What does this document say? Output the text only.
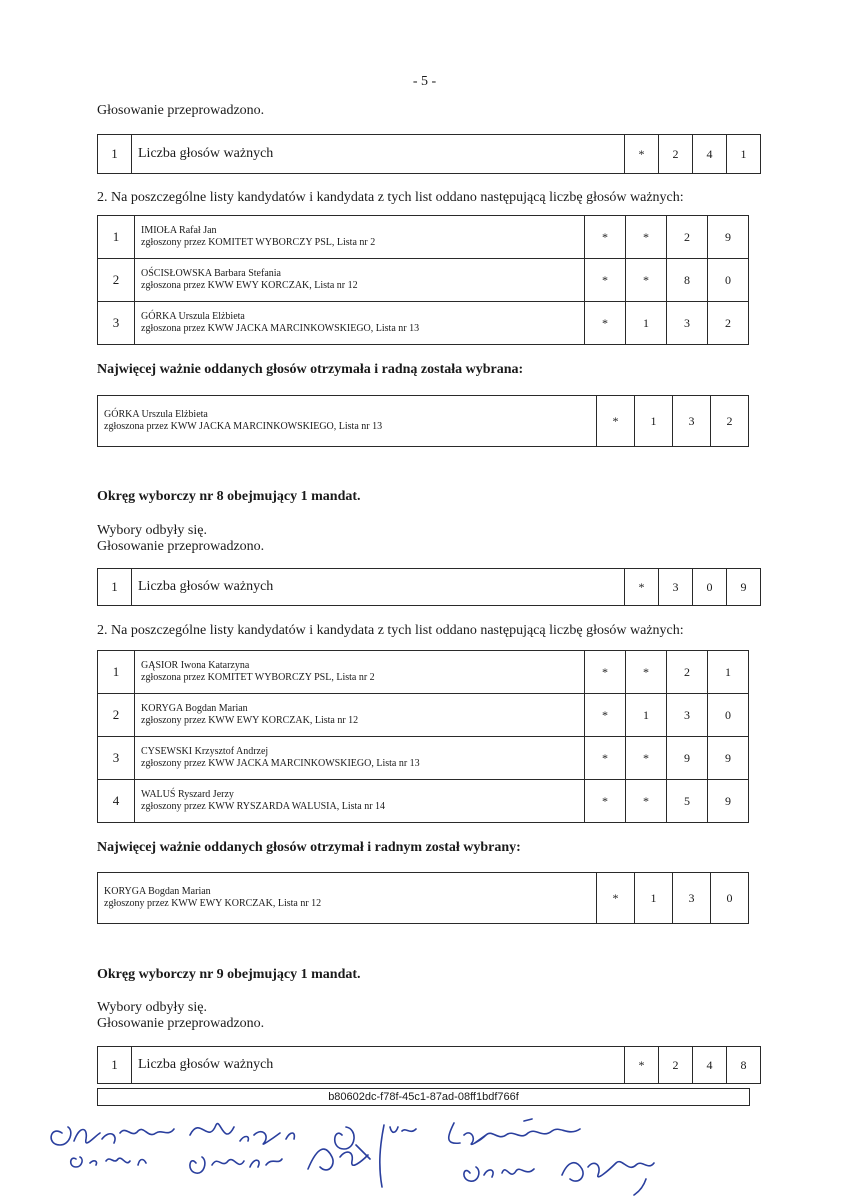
- 5 -
Głosowanie przeprowadzono.
1	Liczba głosów ważnych	*	2	4	1
2. Na poszczególne listy kandydatów i kandydata z tych list oddano następującą liczbę głosów ważnych:
1	IMIOŁA Rafał Jan
zgłoszony przez KOMITET WYBORCZY PSL, Lista nr 2	*	*	2	9
2	OŚCISŁOWSKA Barbara Stefania
zgłoszona przez KWW EWY KORCZAK, Lista nr 12	*	*	8	0
3	GÓRKA Urszula Elżbieta
zgłoszona przez KWW JACKA MARCINKOWSKIEGO, Lista nr 13	*	1	3	2
Najwięcej ważnie oddanych głosów otrzymała i radną została wybrana:
GÓRKA Urszula Elżbieta
zgłoszona przez KWW JACKA MARCINKOWSKIEGO, Lista nr 13	*	1	3	2
Okręg wyborczy nr 8 obejmujący 1 mandat.
Wybory odbyły się.
Głosowanie przeprowadzono.
1	Liczba głosów ważnych	*	3	0	9
2. Na poszczególne listy kandydatów i kandydata z tych list oddano następującą liczbę głosów ważnych:
1	GĄSIOR Iwona Katarzyna
zgłoszona przez KOMITET WYBORCZY PSL, Lista nr 2	*	*	2	1
2	KORYGA Bogdan Marian
zgłoszony przez KWW EWY KORCZAK, Lista nr 12	*	1	3	0
3	CYSEWSKI Krzysztof Andrzej
zgłoszony przez KWW JACKA MARCINKOWSKIEGO, Lista nr 13	*	*	9	9
4	WALUŚ Ryszard Jerzy
zgłoszony przez KWW RYSZARDA WALUSIA, Lista nr 14	*	*	5	9
Najwięcej ważnie oddanych głosów otrzymał i radnym został wybrany:
KORYGA Bogdan Marian
zgłoszony przez KWW EWY KORCZAK, Lista nr 12	*	1	3	0
Okręg wyborczy nr 9 obejmujący 1 mandat.
Wybory odbyły się.
Głosowanie przeprowadzono.
1	Liczba głosów ważnych	*	2	4	8
b80602dc-f78f-45c1-87ad-08ff1bdf766f
